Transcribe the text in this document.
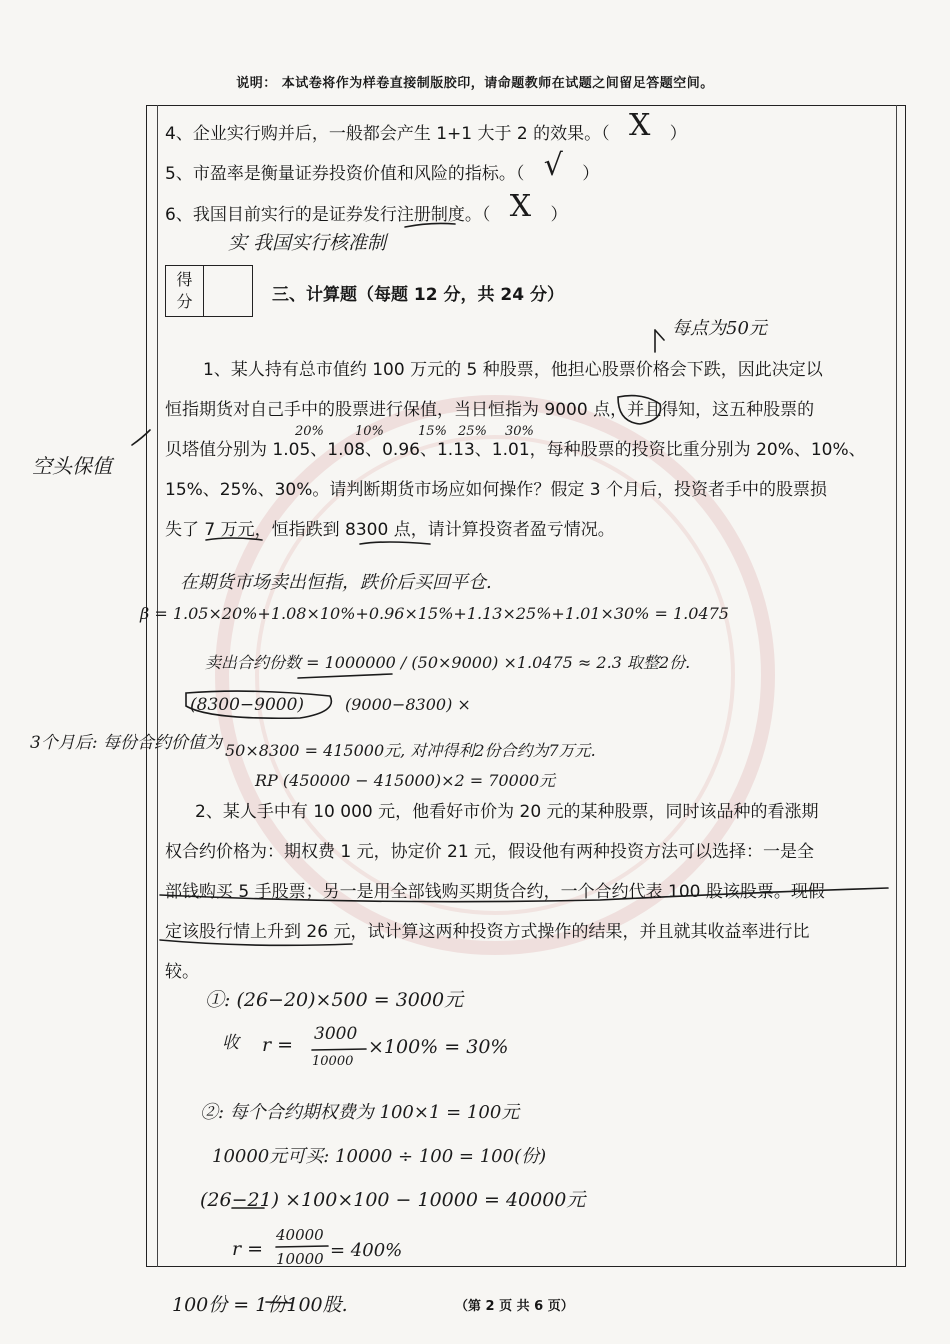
说明： 本试卷将作为样卷直接制版胶印，请命题教师在试题之间留足答题空间。
4、企业实行购并后，一般都会产生 1+1 大于 2 的效果。（ X ）
5、市盈率是衡量证券投资价值和风险的指标。（ √ ）
6、我国目前实行的是证券发行注册制度。（ X ）
实 我国实行核准制
得
分	三、计算题（每题 12 分，共 24 分）
每点为50元
1、某人持有总市值约 100 万元的 5 种股票，他担心股票价格会下跌，因此决定以
恒指期货对自己手中的股票进行保值，当日恒指为 9000 点，并且得知，这五种股票的
贝塔值分别为 1.05、1.08、0.96、1.13、1.01，每种股票的投资比重分别为 20%、10%、
15%、25%、30%。请判断期货市场应如何操作？假定 3 个月后，投资者手中的股票损
失了 7 万元，恒指跌到 8300 点，请计算投资者盈亏情况。
20% 10%	15% 25% 30%
空头保值
在期货市场卖出恒指，跌价后买回平仓.
β = 1.05×20%+1.08×10%+0.96×15%+1.13×25%+1.01×30% = 1.0475
卖出合约份数 = 1000000 / (50×9000) ×1.0475 ≈ 2.3 取整2份.
(8300−9000)	(9000−8300) ×
3个月后: 每份合约价值为 50×8300 = 415000元, 对冲得利2份合约为7万元.
RP (450000 − 415000)×2 = 70000元
2、某人手中有 10 000 元，他看好市价为 20 元的某种股票，同时该品种的看涨期
权合约价格为：期权费 1 元，协定价 21 元，假设他有两种投资方法可以选择：一是全
部钱购买 5 手股票；另一是用全部钱购买期货合约，一个合约代表 100 股该股票。现假
定该股行情上升到 26 元，试计算这两种投资方式操作的结果，并且就其收益率进行比
较。
①: (26−20)×500 = 3000元
收 r = 3000
10000
×100% = 30%
②: 每个合约期权费为 100×1 = 100元
10000元可买: 10000 ÷ 100 = 100(份)
(26−21) ×100×100 − 10000 = 40000元
r =
40000
10000 = 400%
100份 = 1份100股.	（第 2 页 共 6 页）
